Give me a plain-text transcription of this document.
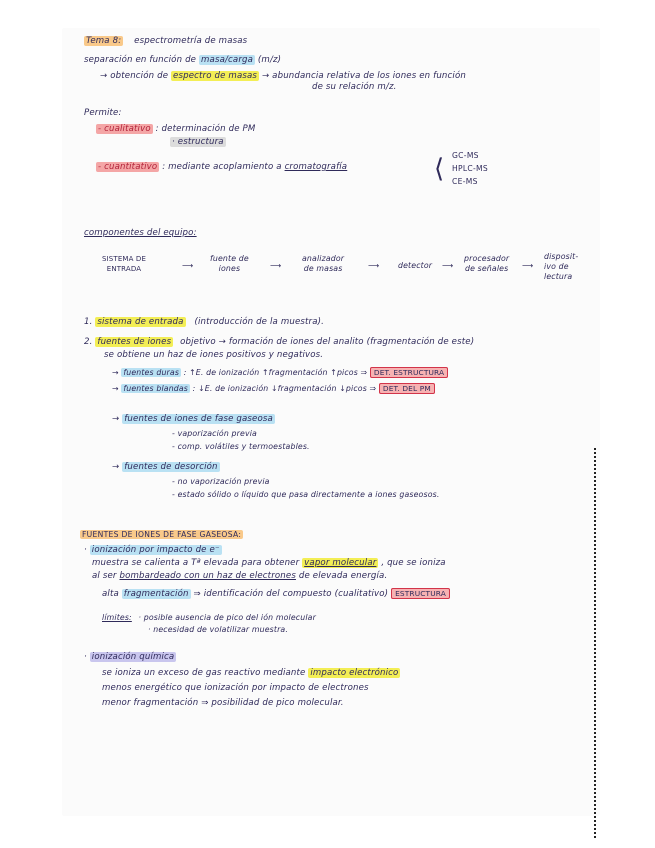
Tema 8: espectrometría de masas
separación en función de masa/carga (m/z)
→ obtención de espectro de masas → abundancia relativa de los iones en función
de su relación m/z.
Permite:
- cualitativo : determinación de PM
· estructura
- cuantitativo : mediante acoplamiento a cromatografía	⟨ GC-MS
HPLC-MS
CE-MS
componentes del equipo:
SISTEMA DE
ENTRADA	⟶
fuente de
iones	⟶
analizador
de masas	⟶ detector ⟶
procesador
de señales ⟶
disposit-
ivo de
lectura
1. sistema de entrada (introducción de la muestra).
2. fuentes de iones objetivo → formación de iones del analito (fragmentación de este)
se obtiene un haz de iones positivos y negativos.
→ fuentes duras : ↑E. de ionización ↑fragmentación ↑picos ⇒ DET. ESTRUCTURA
→ fuentes blandas : ↓E. de ionización ↓fragmentación ↓picos ⇒ DET. DEL PM
→ fuentes de iones de fase gaseosa
- vaporización previa
- comp. volátiles y termoestables.
→ fuentes de desorción
- no vaporización previa
- estado sólido o líquido que pasa directamente a iones gaseosos.
FUENTES DE IONES DE FASE GASEOSA:
· ionización por impacto de e⁻
muestra se calienta a Tª elevada para obtener vapor molecular , que se ioniza
al ser bombardeado con un haz de electrones de elevada energía.
alta fragmentación ⇒ identificación del compuesto (cualitativo) ESTRUCTURA
límites: · posible ausencia de pico del ión molecular
· necesidad de volatilizar muestra.
· ionización química
se ioniza un exceso de gas reactivo mediante impacto electrónico
menos energético que ionización por impacto de electrones
menor fragmentación ⇒ posibilidad de pico molecular.
